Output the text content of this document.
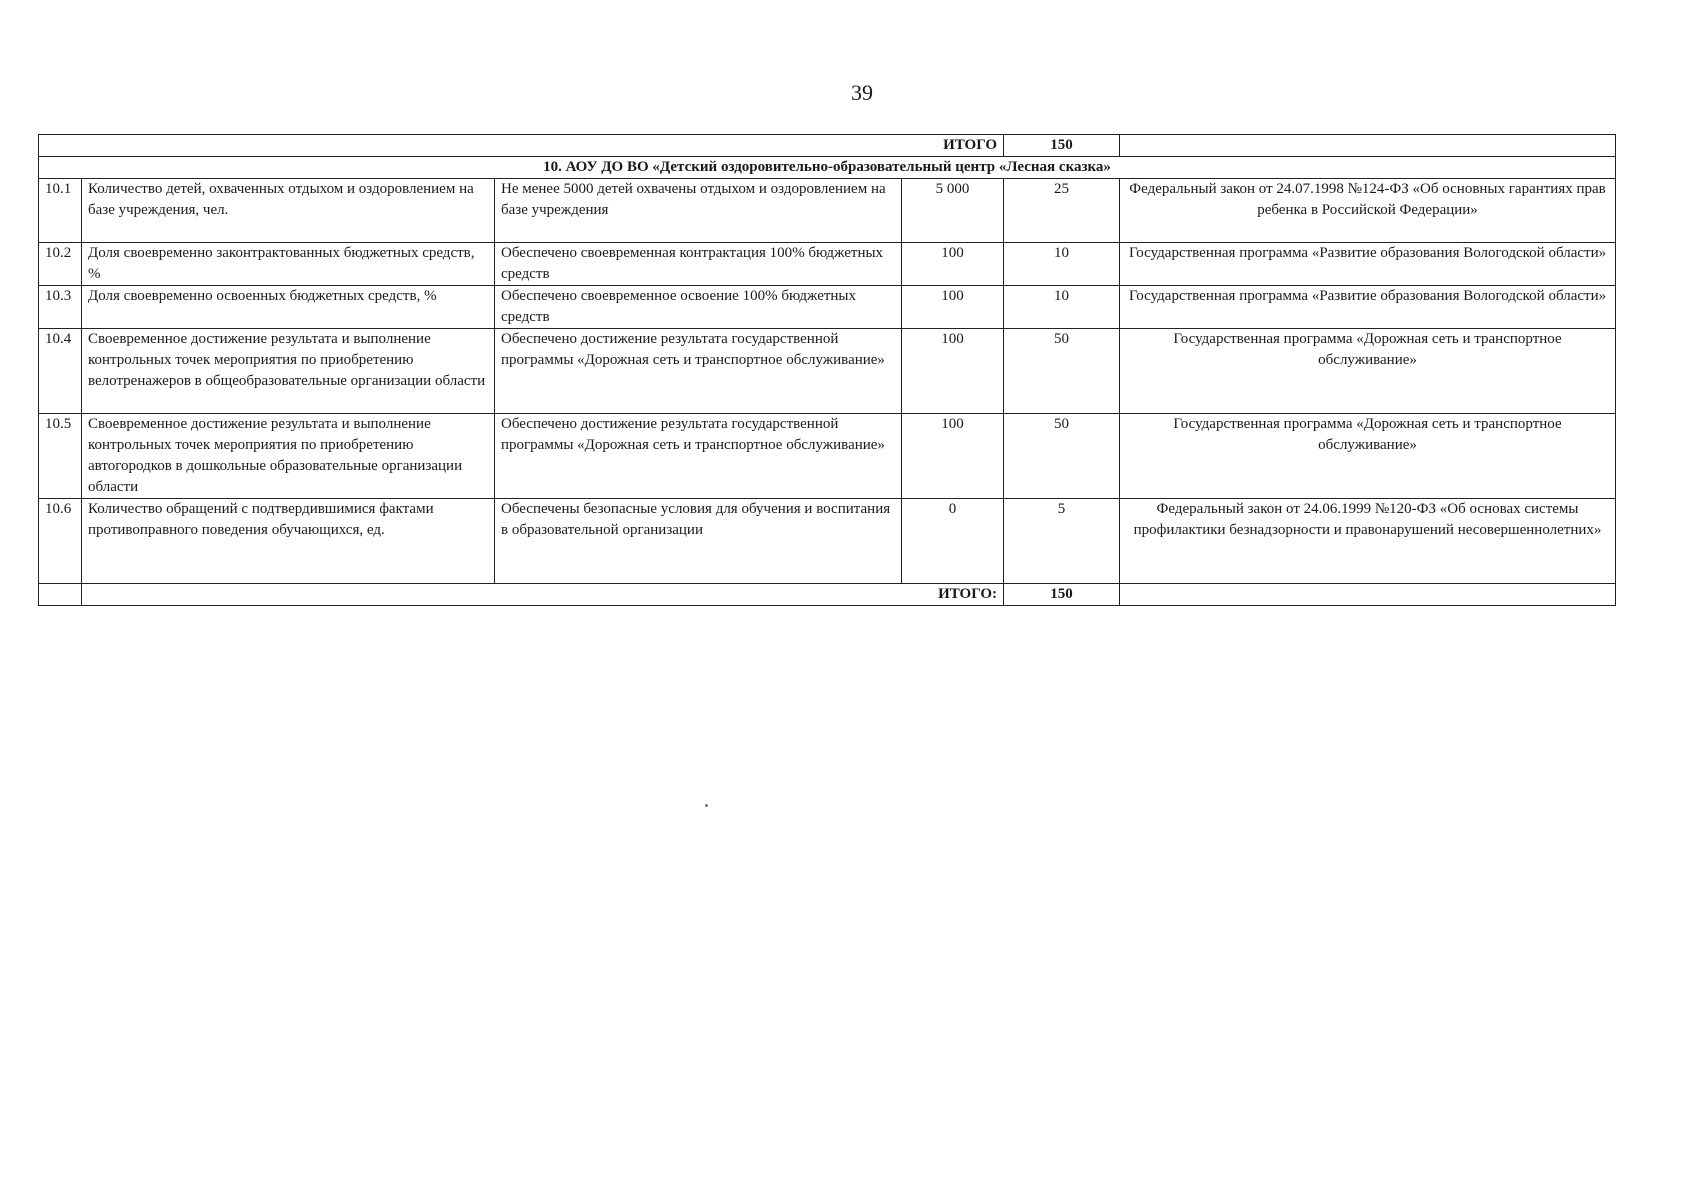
39
ИТОГО				150	
10. АОУ ДО ВО «Детский оздоровительно-образовательный центр «Лесная сказка»					
10.1	Количество детей, охваченных отдыхом и оздоровлением на базе учреждения, чел.	Не менее 5000 детей охвачены отдыхом и оздоровлением на базе учреждения	5 000	25	Федеральный закон от 24.07.1998 №124-ФЗ «Об основных гарантиях прав ребенка в Российской Федерации»
10.2	Доля своевременно законтрактованных бюджетных средств, %	Обеспечено своевременная контрактация 100% бюджетных средств	100	10	Государственная программа «Развитие образования Вологодской области»
10.3	Доля своевременно освоенных бюджетных средств, %	Обеспечено своевременное освоение 100% бюджетных средств	100	10	Государственная программа «Развитие образования Вологодской области»
10.4	Своевременное достижение результата и выполнение контрольных точек мероприятия по приобретению велотренажеров в общеобразовательные организации области	Обеспечено достижение результата государственной программы «Дорожная сеть и транспортное обслуживание»	100	50	Государственная программа «Дорожная сеть и транспортное обслуживание»
10.5	Своевременное достижение результата и выполнение контрольных точек мероприятия по приобретению автогородков в дошкольные образовательные организации области	Обеспечено достижение результата государственной программы «Дорожная сеть и транспортное обслуживание»	100	50	Государственная программа «Дорожная сеть и транспортное обслуживание»
10.6	Количество обращений с подтвердившимися фактами противоправного поведения обучающихся, ед.	Обеспечены безопасные условия для обучения и воспитания в образовательной организации	0	5	Федеральный закон от 24.06.1999 №120-ФЗ «Об основах системы профилактики безнадзорности и правонарушений несовершеннолетних»
	ИТОГО:			150	
